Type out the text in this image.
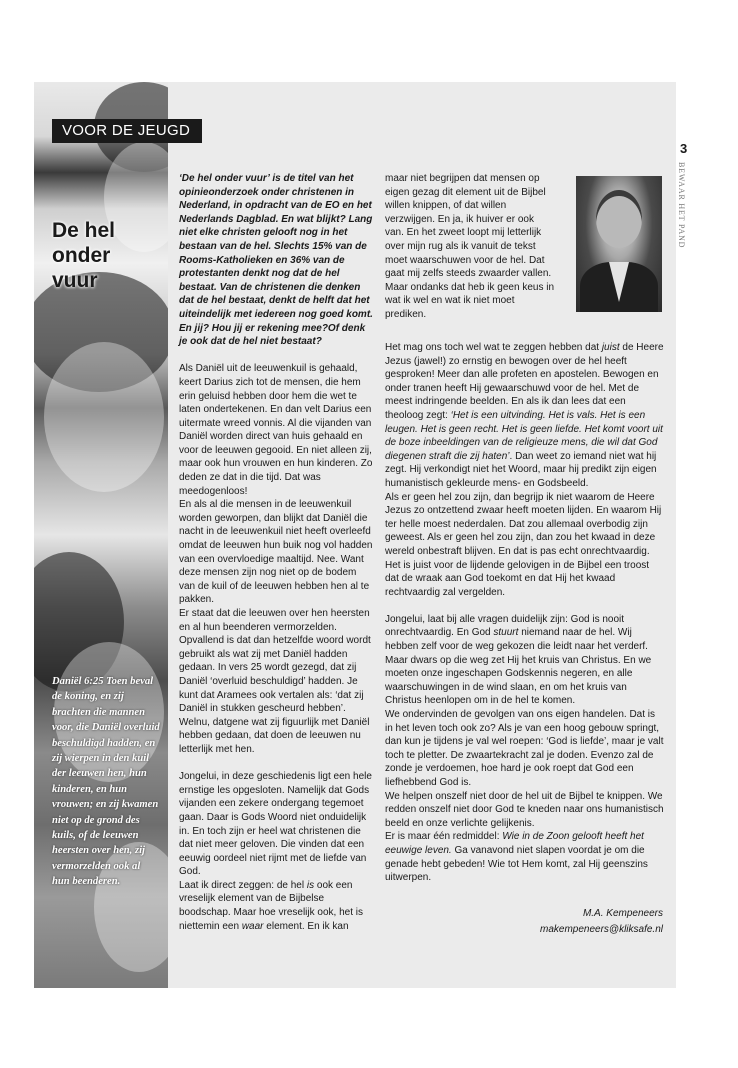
VOOR DE JEUGD
De hel
onder vuur
3
BEWAAR HET PAND
Daniël 6:25 Toen beval de koning, en zij brachten die mannen voor, die Daniël overluid beschuldigd hadden, en zij wierpen in den kuil der leeuwen hen, hun kinderen, en hun vrouwen; en zij kwamen niet op de grond des kuils, of de leeuwen heersten over hen, zij vermorzelden ook al hun beenderen.

‘De hel onder vuur’ is de titel van het opinieonderzoek onder christenen in Nederland, in opdracht van de EO en het Nederlands Dagblad. En wat blijkt? Lang niet elke christen gelooft nog in het bestaan van de hel. Slechts 15% van de Rooms-Katholieken en 36% van de protestanten denkt nog dat de hel bestaat. Van de christenen die denken dat de hel bestaat, denkt de helft dat het uiteindelijk met iedereen nog goed komt. En jij? Hou jij er rekening mee?Of denk je ook dat de hel niet bestaat?

Als Daniël uit de leeuwenkuil is gehaald, keert Darius zich tot de mensen, die hem erin geluisd hebben door hem die wet te laten ondertekenen. En dan velt Darius een uitermate wreed vonnis. Al die vijanden van Daniël worden direct van huis gehaald en voor de leeuwen gegooid. En niet alleen zij, maar ook hun vrouwen en hun kinderen. Zo deden ze dat in die tijd. Dat was meedogenloos!

En als al die mensen in de leeuwenkuil worden geworpen, dan blijkt dat Daniël die nacht in de leeuwenkuil niet heeft overleefd omdat de leeuwen hun buik nog vol hadden van een overvloedige maaltijd. Nee. Want deze mensen zijn nog niet op de bodem van de kuil of de leeuwen hebben hen al te pakken.

Er staat dat die leeuwen over hen heersten en al hun beenderen vermorzelden. Opvallend is dat dan hetzelfde woord wordt gebruikt als wat zij met Daniël hadden gedaan. In vers 25 wordt gezegd, dat zij Daniël ‘overluid beschuldigd’ hadden. Je kunt dat Aramees ook vertalen als: ‘dat zij Daniël in stukken gescheurd hebben’. Welnu, datgene wat zij figuurlijk met Daniël hebben gedaan, dat doen de leeuwen nu letterlijk met hen.

Jongelui, in deze geschiedenis ligt een hele ernstige les opgesloten. Namelijk dat Gods vijanden een zekere ondergang tegemoet gaan. Daar is Gods Woord niet onduidelijk in. En toch zijn er heel wat christenen die dat niet meer geloven. Die vinden dat een eeuwig oordeel niet rijmt met de liefde van God.

Laat ik direct zeggen: de hel is ook een vreselijk element van de Bijbelse boodschap. Maar hoe vreselijk ook, het is niettemin een waar element. En ik kan

maar niet begrijpen dat mensen op eigen gezag dit element uit de Bijbel willen knippen, of dat willen verzwijgen. En ja, ik huiver er ook van. En het zweet loopt mij letterlijk over mijn rug als ik vanuit de tekst moet waarschuwen voor de hel. Dat gaat mij zelfs steeds zwaarder vallen. Maar ondanks dat heb ik geen keus in wat ik wel en wat ik niet moet prediken.

Het mag ons toch wel wat te zeggen hebben dat juist de Heere Jezus (jawel!) zo ernstig en bewogen over de hel heeft gesproken! Meer dan alle profeten en apostelen. Bewogen en onder tranen heeft Hij gewaarschuwd voor de hel. Met de meest indringende beelden. En als ik dan lees dat een theoloog zegt: ‘Het is een uitvinding. Het is vals. Het is een leugen. Het is geen recht. Het is geen liefde. Het komt voort uit de boze inbeeldingen van de religieuze mens, die wil dat God diegenen straft die zij haten’. Dan weet zo iemand niet wat hij zegt. Hij verkondigt niet het Woord, maar hij predikt zijn eigen humanistisch gekleurde mens- en Godsbeeld.

Als er geen hel zou zijn, dan begrijp ik niet waarom de Heere Jezus zo ontzettend zwaar heeft moeten lijden. En waarom Hij ter helle moest nederdalen. Dat zou allemaal overbodig zijn geweest. Als er geen hel zou zijn, dan zou het kwaad in deze wereld onbestraft blijven. En dat is pas echt onrechtvaardig. Het is juist voor de lijdende gelovigen in de Bijbel een troost dat de wraak aan God toekomt en dat Hij het kwaad rechtvaardig zal vergelden.

Jongelui, laat bij alle vragen duidelijk zijn: God is nooit onrechtvaardig. En God stuurt niemand naar de hel. Wij hebben zelf voor de weg gekozen die leidt naar het verderf. Maar dwars op die weg zet Hij het kruis van Christus. En we moeten onze ingeschapen Godskennis negeren, en alle waarschuwingen in de wind slaan, en om het kruis van Christus heenlopen om in de hel te komen.

We ondervinden de gevolgen van ons eigen handelen. Dat is in het leven toch ook zo? Als je van een hoog gebouw springt, dan kun je tijdens je val wel roepen: ‘God is liefde’, maar je valt toch te pletter. De zwaartekracht zal je doden. Evenzo zal de zonde je verdoemen, hoe hard je ook roept dat God een liefhebbend God is.

We helpen onszelf niet door de hel uit de Bijbel te knippen. We redden onszelf niet door God te kneden naar ons humanistisch beeld en onze verlichte gelijkenis.

Er is maar één redmiddel: Wie in de Zoon gelooft heeft het eeuwige leven. Ga vanavond niet slapen voordat je om die genade hebt gebeden! Wie tot Hem komt, zal Hij geenszins uitwerpen.

M.A. Kempeneers
makempeneers@kliksafe.nl
